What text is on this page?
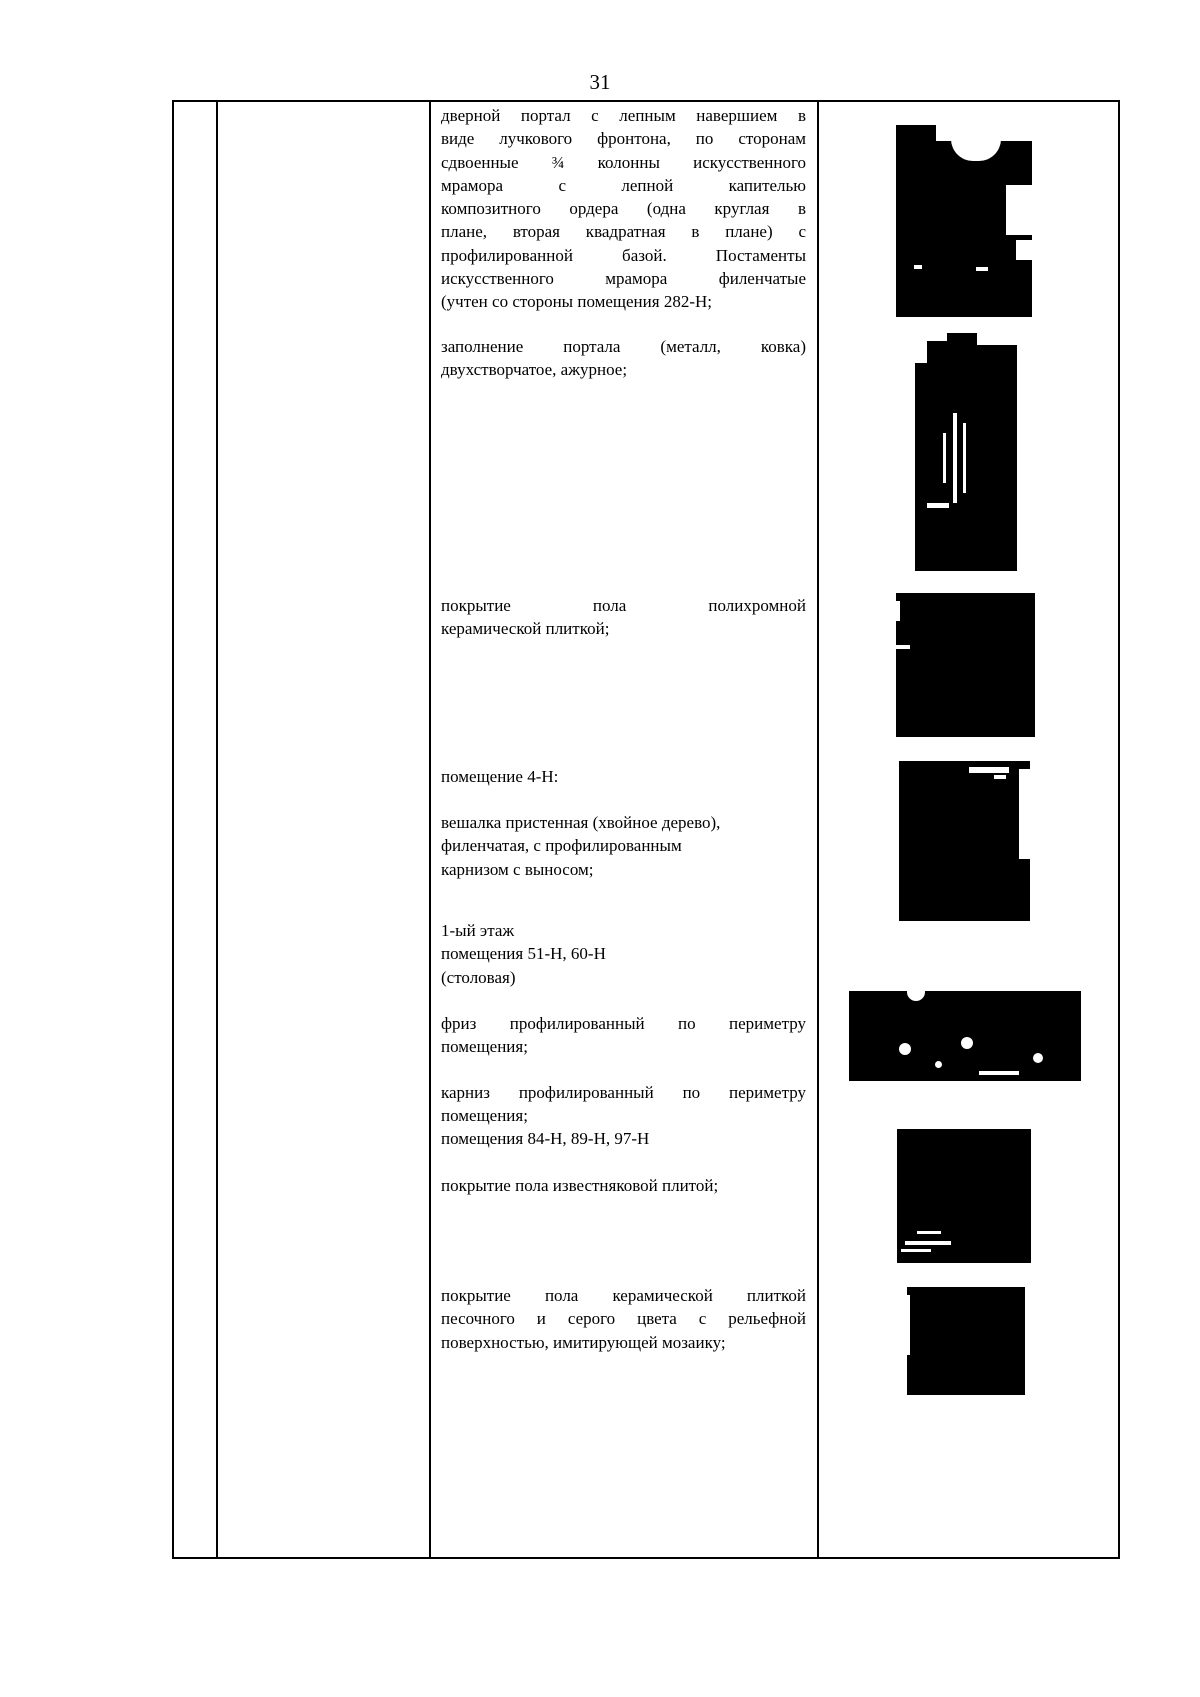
31

дверной портал с лепным навершием в

виде лучкового фронтона, по сторонам

сдвоенные ¾ колонны искусственного

мрамора с лепной капителью

композитного ордера (одна круглая в

плане, вторая квадратная в плане) с

профилированной базой. Постаменты

искусственного мрамора филенчатые

(учтен со стороны помещения 282-Н;

заполнение портала (металл, ковка)

двухстворчатое, ажурное;

покрытие пола полихромной

керамической плиткой;

помещение 4-Н:

вешалка пристенная (хвойное дерево),

филенчатая, с профилированным

карнизом с выносом;

1-ый этаж

помещения 51-Н, 60-Н

(столовая)

фриз профилированный по периметру

помещения;

карниз профилированный по периметру

помещения;

помещения 84-Н, 89-Н, 97-Н

покрытие пола известняковой плитой;

покрытие пола керамической плиткой

песочного и серого цвета с рельефной

поверхностью, имитирующей мозаику;
